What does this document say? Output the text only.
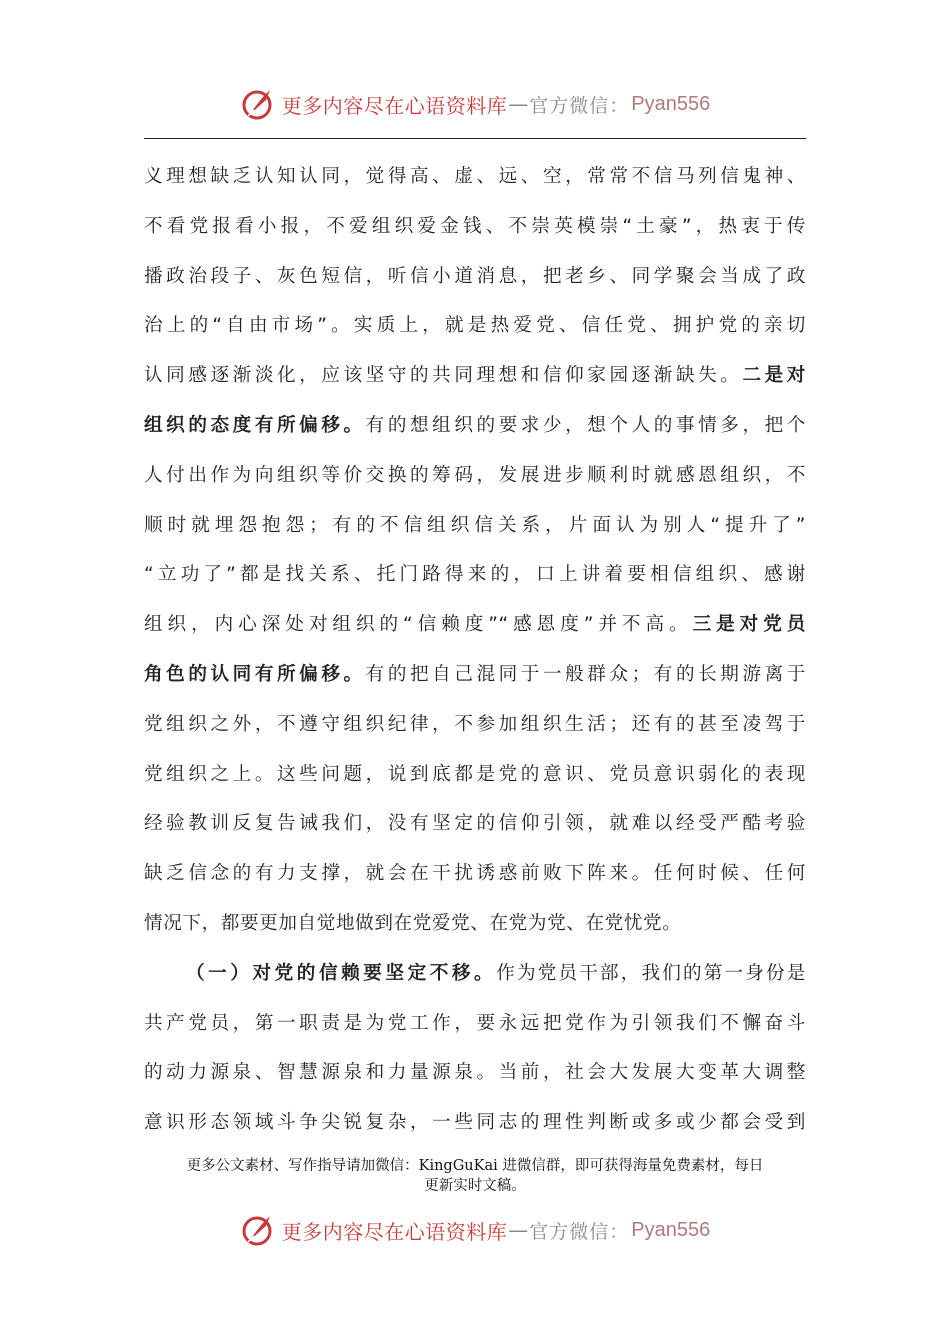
更多内容尽在心语资料库 — 官方微信： Pyan556
义理想缺乏认知认同，觉得高、虚、远、空，常常不信马列信鬼神、
不看党报看小报，不爱组织爱金钱、不崇英模崇“土豪”，热衷于传
播政治段子、灰色短信，听信小道消息，把老乡、同学聚会当成了政
治上的“自由市场”。实质上，就是热爱党、信任党、拥护党的亲切
认同感逐渐淡化，应该坚守的共同理想和信仰家园逐渐缺失。二是对
组织的态度有所偏移。有的想组织的要求少，想个人的事情多，把个
人付出作为向组织等价交换的筹码，发展进步顺利时就感恩组织，不
顺时就埋怨抱怨；有的不信组织信关系，片面认为别人“提升了”
“立功了”都是找关系、托门路得来的，口上讲着要相信组织、感谢
组织，内心深处对组织的“信赖度”“感恩度”并不高。三是对党员
角色的认同有所偏移。有的把自己混同于一般群众；有的长期游离于
党组织之外，不遵守组织纪律，不参加组织生活；还有的甚至凌驾于
党组织之上。这些问题，说到底都是党的意识、党员意识弱化的表现
经验教训反复告诫我们，没有坚定的信仰引领，就难以经受严酷考验
缺乏信念的有力支撑，就会在干扰诱惑前败下阵来。任何时候、任何
情况下，都要更加自觉地做到在党爱党、在党为党、在党忧党。
（一）对党的信赖要坚定不移。作为党员干部，我们的第一身份是
共产党员，第一职责是为党工作，要永远把党作为引领我们不懈奋斗
的动力源泉、智慧源泉和力量源泉。当前，社会大发展大变革大调整
意识形态领域斗争尖锐复杂，一些同志的理性判断或多或少都会受到
更多公文素材、写作指导请加微信：KingGuKai 进微信群，即可获得海量免费素材，每日
更新实时文稿。
更多内容尽在心语资料库 — 官方微信： Pyan556
